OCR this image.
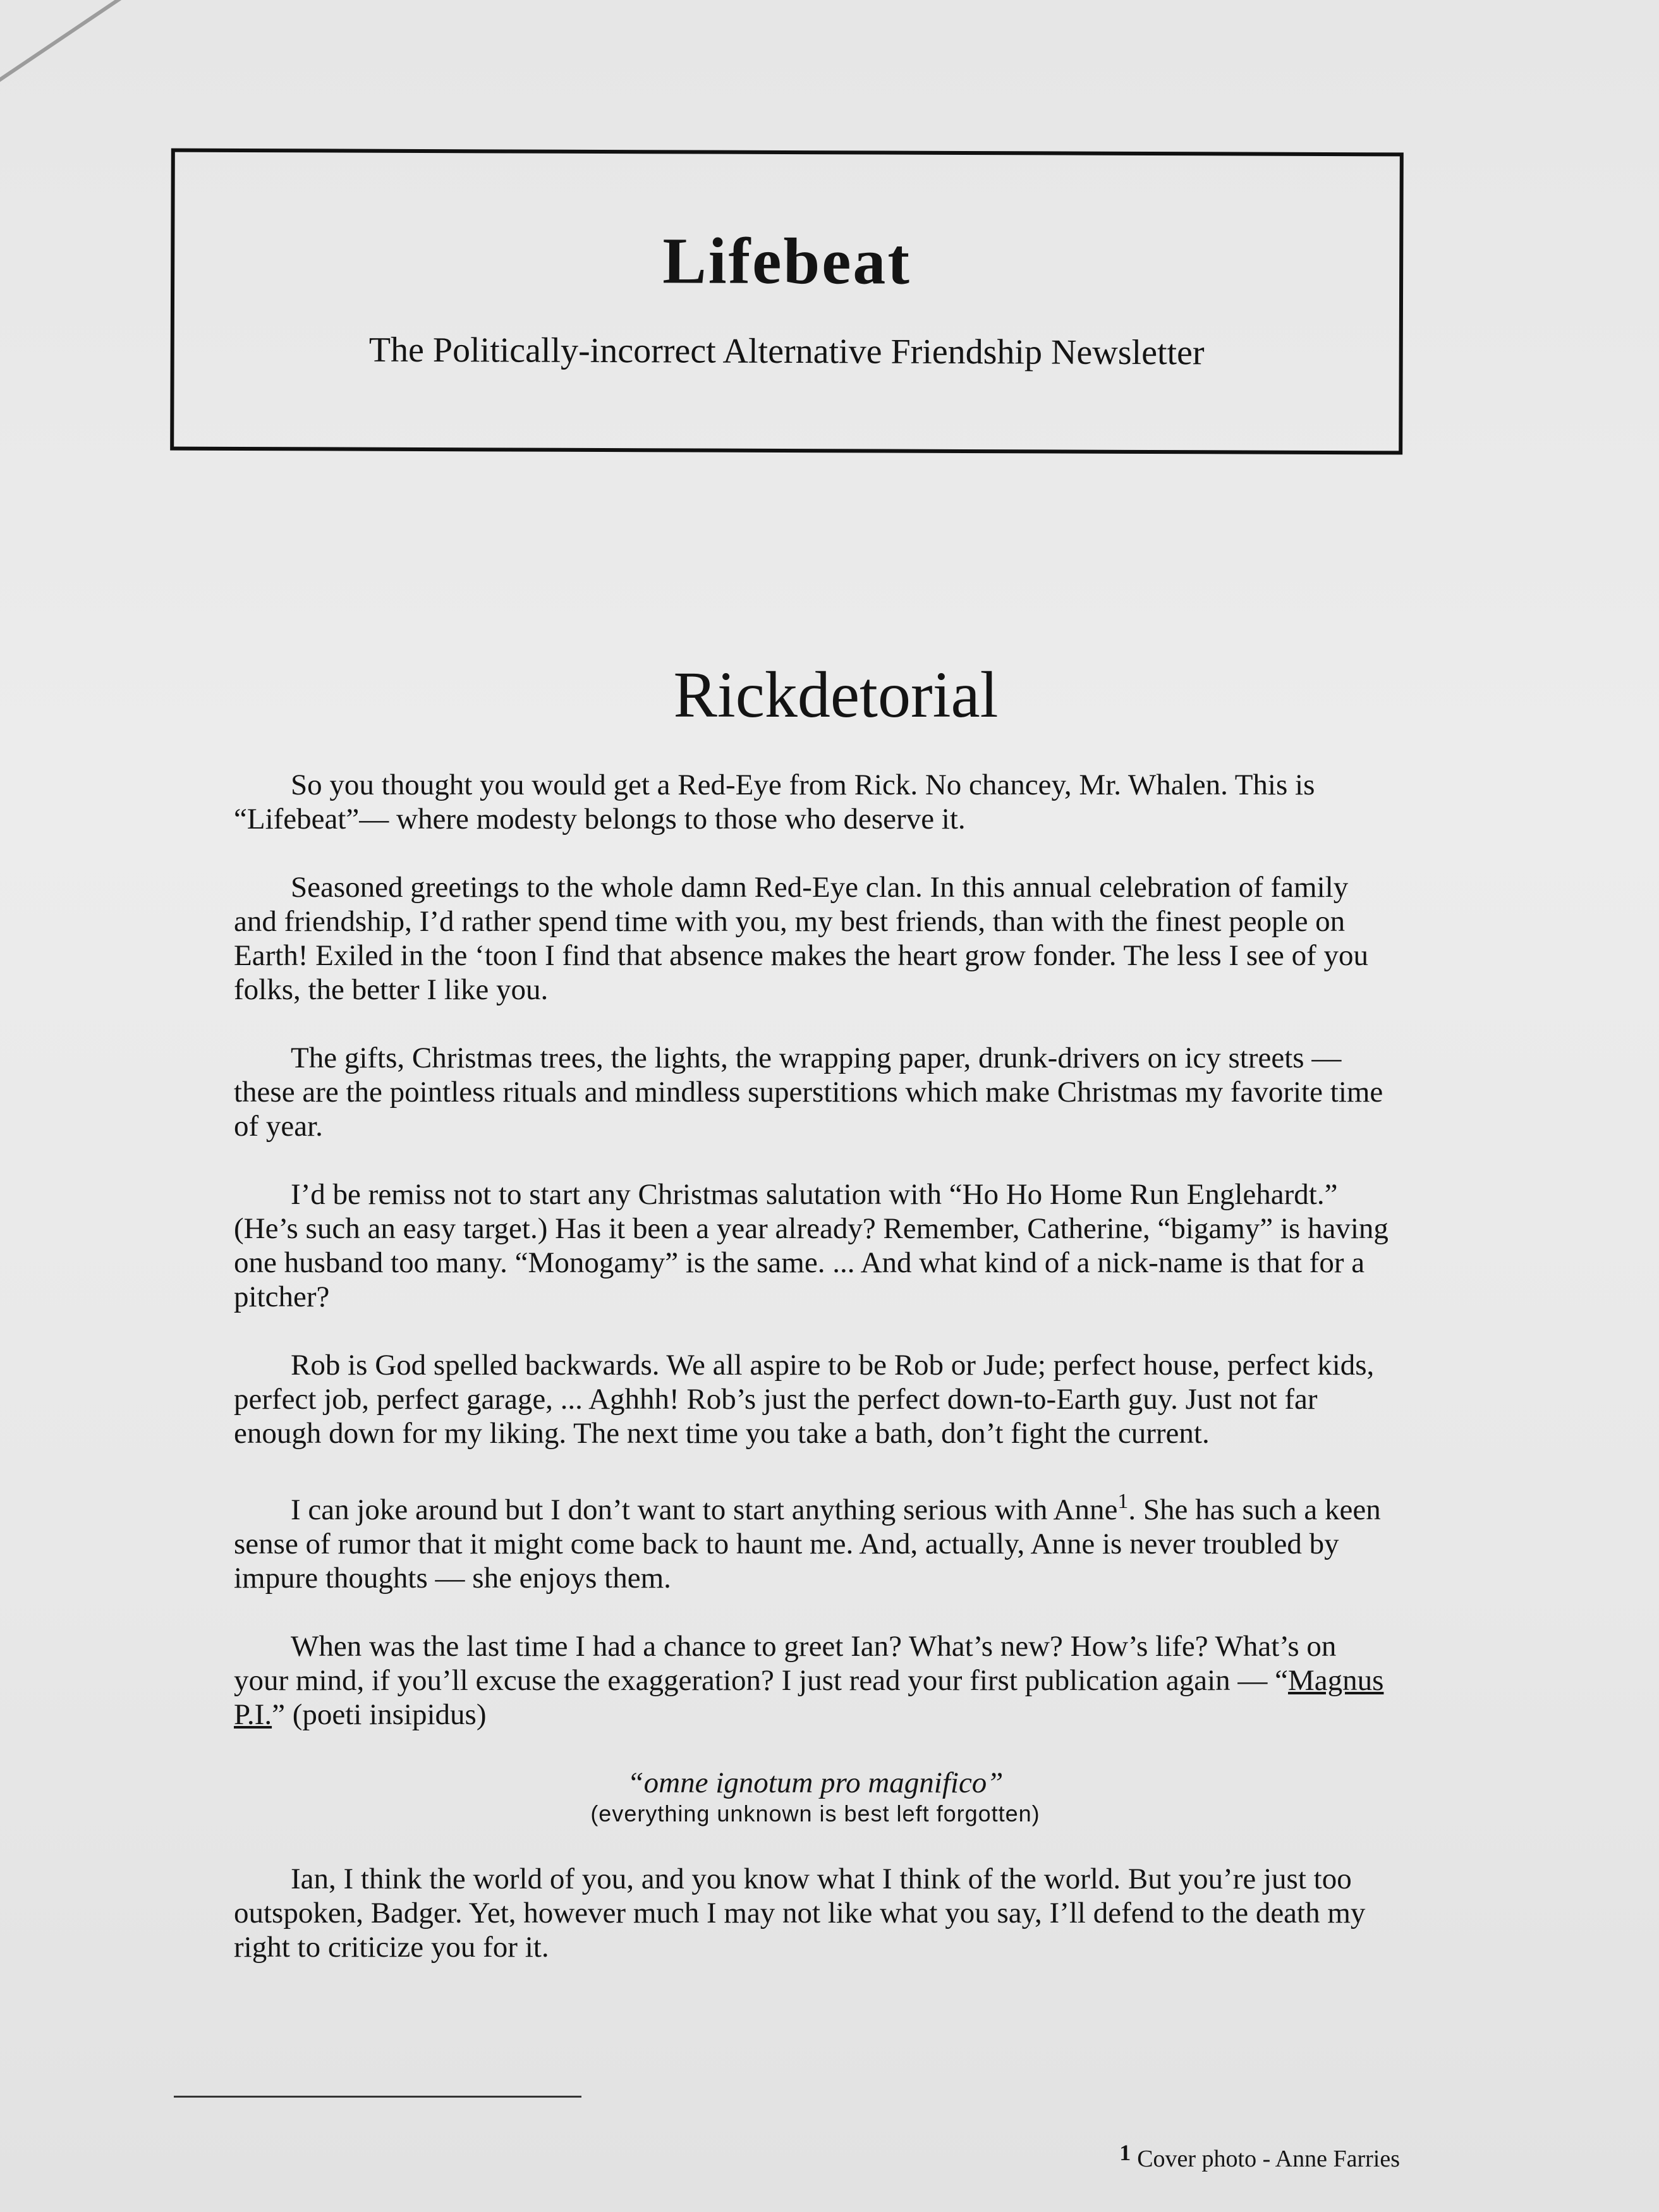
Lifebeat
The Politically-incorrect Alternative Friendship Newsletter
Rickdetorial

So you thought you would get a Red-Eye from Rick. No chancey, Mr. Whalen. This is “Lifebeat”— where modesty belongs to those who deserve it.

Seasoned greetings to the whole damn Red-Eye clan. In this annual celebration of family and friendship, I’d rather spend time with you, my best friends, than with the finest people on Earth! Exiled in the ‘toon I find that absence makes the heart grow fonder. The less I see of you folks, the better I like you.

The gifts, Christmas trees, the lights, the wrapping paper, drunk-drivers on icy streets — these are the pointless rituals and mindless superstitions which make Christmas my favorite time of year.

I’d be remiss not to start any Christmas salutation with “Ho Ho Home Run Englehardt.” (He’s such an easy target.) Has it been a year already? Remember, Catherine, “bigamy” is having one husband too many. “Monogamy” is the same. ... And what kind of a nick-name is that for a pitcher?

Rob is God spelled backwards. We all aspire to be Rob or Jude; perfect house, perfect kids, perfect job, perfect garage, ... Aghhh! Rob’s just the perfect down-to-Earth guy. Just not far enough down for my liking. The next time you take a bath, don’t fight the current.

I can joke around but I don’t want to start anything serious with Anne$^1$. She has such a keen sense of rumor that it might come back to haunt me. And, actually, Anne is never troubled by impure thoughts — she enjoys them.

When was the last time I had a chance to greet Ian? What’s new? How’s life? What’s on your mind, if you’ll excuse the exaggeration? I just read your first publication again — “Magnus P.I.” (poeti insipidus)

“omne ignotum pro magnifico”
(everything unknown is best left forgotten)

Ian, I think the world of you, and you know what I think of the world. But you’re just too outspoken, Badger. Yet, however much I may not like what you say, I’ll defend to the death my right to criticize you for it.

1 Cover photo - Anne Farries
